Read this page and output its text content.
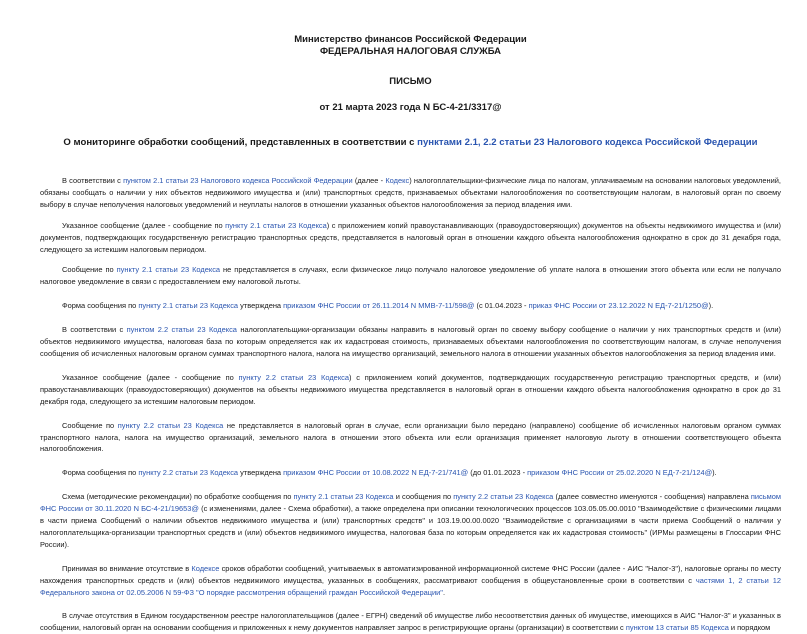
Министерство финансов Российской Федерации
ФЕДЕРАЛЬНАЯ НАЛОГОВАЯ СЛУЖБА
ПИСЬМО
от 21 марта 2023 года N БС-4-21/3317@
О мониторинге обработки сообщений, представленных в соответствии с пунктами 2.1, 2.2 статьи 23 Налогового кодекса Российской Федерации

В соответствии с пунктом 2.1 статьи 23 Налогового кодекса Российской Федерации (далее - Кодекс) налогоплательщики-физические лица по налогам, уплачиваемым на основании налоговых уведомлений, обязаны сообщать о наличии у них объектов недвижимого имущества и (или) транспортных средств, признаваемых объектами налогообложения по соответствующим налогам, в налоговый орган по своему выбору в случае неполучения налоговых уведомлений и неуплаты налогов в отношении указанных объектов налогообложения за период владения ими.

Указанное сообщение (далее - сообщение по пункту 2.1 статьи 23 Кодекса) с приложением копий правоустанавливающих (правоудостоверяющих) документов на объекты недвижимого имущества и (или) документов, подтверждающих государственную регистрацию транспортных средств, представляется в налоговый орган в отношении каждого объекта налогообложения однократно в срок до 31 декабря года, следующего за истекшим налоговым периодом.

Сообщение по пункту 2.1 статьи 23 Кодекса не представляется в случаях, если физическое лицо получало налоговое уведомление об уплате налога в отношении этого объекта или если не получало налоговое уведомление в связи с предоставлением ему налоговой льготы.

Форма сообщения по пункту 2.1 статьи 23 Кодекса утверждена приказом ФНС России от 26.11.2014 N ММВ-7-11/598@ (с 01.04.2023 - приказ ФНС России от 23.12.2022 N ЕД-7-21/1250@).

В соответствии с пунктом 2.2 статьи 23 Кодекса налогоплательщики-организации обязаны направить в налоговый орган по своему выбору сообщение о наличии у них транспортных средств и (или) объектов недвижимого имущества, налоговая база по которым определяется как их кадастровая стоимость, признаваемых объектами налогообложения по соответствующим налогам, в случае неполучения сообщения об исчисленных налоговым органом суммах транспортного налога, налога на имущество организаций, земельного налога в отношении указанных объектов налогообложения за период владения ими.

Указанное сообщение (далее - сообщение по пункту 2.2 статьи 23 Кодекса) с приложением копий документов, подтверждающих государственную регистрацию транспортных средств, и (или) правоустанавливающих (правоудостоверяющих) документов на объекты недвижимого имущества представляется в налоговый орган в отношении каждого объекта налогообложения однократно в срок до 31 декабря года, следующего за истекшим налоговым периодом.

Сообщение по пункту 2.2 статьи 23 Кодекса не представляется в налоговый орган в случае, если организации было передано (направлено) сообщение об исчисленных налоговым органом суммах транспортного налога, налога на имущество организаций, земельного налога в отношении этого объекта или если организация применяет налоговую льготу в отношении соответствующего объекта налогообложения.

Форма сообщения по пункту 2.2 статьи 23 Кодекса утверждена приказом ФНС России от 10.08.2022 N ЕД-7-21/741@ (до 01.01.2023 - приказом ФНС России от 25.02.2020 N ЕД-7-21/124@).

Схема (методические рекомендации) по обработке сообщения по пункту 2.1 статьи 23 Кодекса и сообщения по пункту 2.2 статьи 23 Кодекса (далее совместно именуются - сообщения) направлена письмом ФНС России от 30.11.2020 N БС-4-21/19653@ (с изменениями, далее - Схема обработки), а также определена при описании технологических процессов 103.05.05.00.0010 "Взаимодействие с физическими лицами в части приема Сообщений о наличии объектов недвижимого имущества и (или) транспортных средств" и 103.19.00.00.0020 "Взаимодействие с организациями в части приема Сообщений о наличии у налогоплательщика-организации транспортных средств и (или) объектов недвижимого имущества, налоговая база по которым определяется как их кадастровая стоимость" (ИРМы размещены в Глоссарии ФНС России).

Принимая во внимание отсутствие в Кодексе сроков обработки сообщений, учитываемых в автоматизированной информационной системе ФНС России (далее - АИС "Налог-3"), налоговые органы по месту нахождения транспортных средств и (или) объектов недвижимого имущества, указанных в сообщениях, рассматривают сообщения в общеустановленные сроки в соответствии с частями 1, 2 статьи 12 Федерального закона от 02.05.2006 N 59-ФЗ "О порядке рассмотрения обращений граждан Российской Федерации".

В случае отсутствия в Едином государственном реестре налогоплательщиков (далее - ЕГРН) сведений об имуществе либо несоответствия данных об имуществе, имеющихся в АИС "Налог-3" и указанных в сообщении, налоговый орган на основании сообщения и приложенных к нему документов направляет запрос в регистрирующие органы (организации) в соответствии с пунктом 13 статьи 85 Кодекса и порядком
